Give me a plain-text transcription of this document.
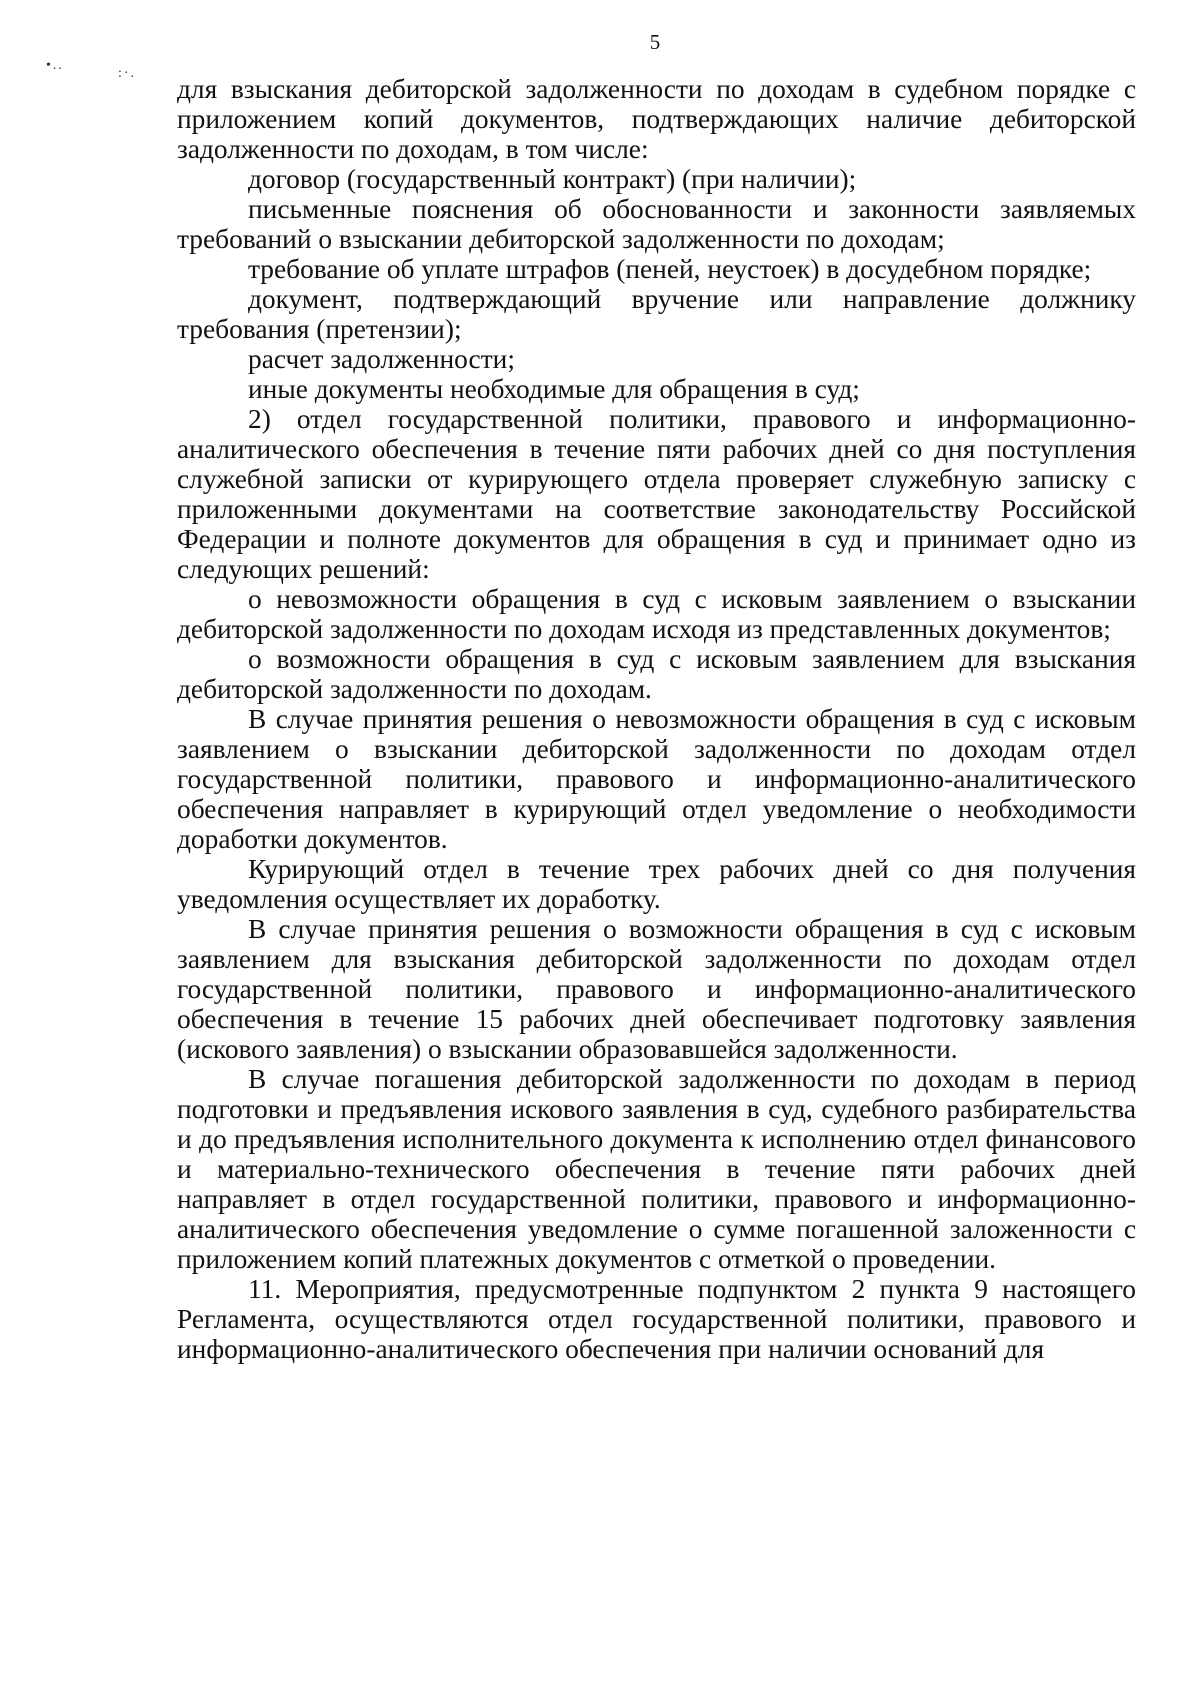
5
•..
:·.

для взыскания дебиторской задолженности по доходам в судебном порядке с приложением копий документов, подтверждающих наличие дебиторской задолженности по доходам, в том числе:

договор (государственный контракт) (при наличии);

письменные пояснения об обоснованности и законности заявляемых требований о взыскании дебиторской задолженности по доходам;

требование об уплате штрафов (пеней, неустоек) в досудебном порядке;

документ, подтверждающий вручение или направление должнику требования (претензии);

расчет задолженности;

иные документы необходимые для обращения в суд;

2) отдел государственной политики, правового и информационно-аналитического обеспечения в течение пяти рабочих дней со дня поступления служебной записки от курирующего отдела проверяет служебную записку с приложенными документами на соответствие законодательству Российской Федерации и полноте документов для обращения в суд и принимает одно из следующих решений:

о невозможности обращения в суд с исковым заявлением о взыскании дебиторской задолженности по доходам исходя из представленных документов;

о возможности обращения в суд с исковым заявлением для взыскания дебиторской задолженности по доходам.

В случае принятия решения о невозможности обращения в суд с исковым заявлением о взыскании дебиторской задолженности по доходам отдел государственной политики, правового и информационно-аналитического обеспечения направляет в курирующий отдел уведомление о необходимости доработки документов.

Курирующий отдел в течение трех рабочих дней со дня получения уведомления осуществляет их доработку.

В случае принятия решения о возможности обращения в суд с исковым заявлением для взыскания дебиторской задолженности по доходам отдел государственной политики, правового и информационно-аналитического обеспечения в течение 15 рабочих дней обеспечивает подготовку заявления (искового заявления) о взыскании образовавшейся задолженности.

В случае погашения дебиторской задолженности по доходам в период подготовки и предъявления искового заявления в суд, судебного разбирательства и до предъявления исполнительного документа к исполнению отдел финансового и материально-технического обеспечения в течение пяти рабочих дней направляет в отдел государственной политики, правового и информационно-аналитического обеспечения уведомление о сумме погашенной заложенности с приложением копий платежных документов с отметкой о проведении.

11. Мероприятия, предусмотренные подпунктом 2 пункта 9 настоящего Регламента, осуществляются отдел государственной политики, правового и информационно-аналитического обеспечения при наличии оснований для
